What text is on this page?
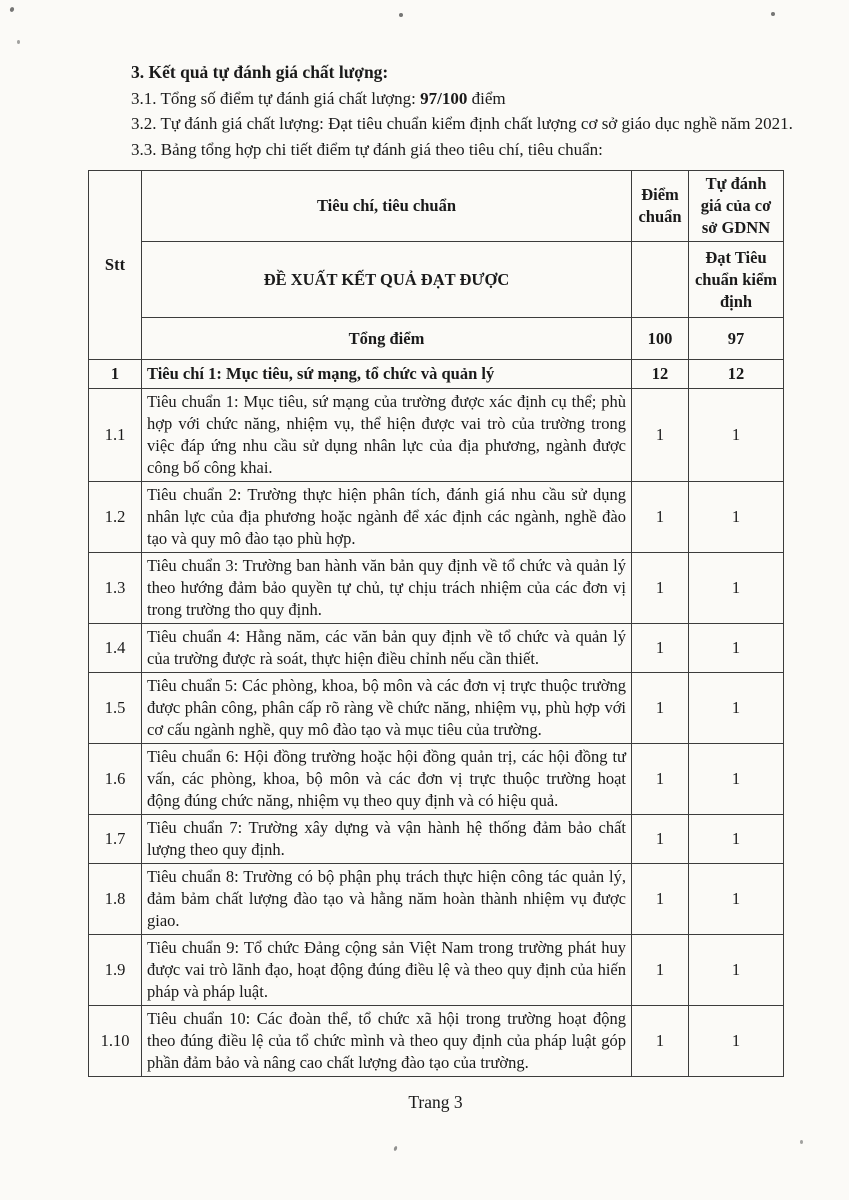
3. Kết quả tự đánh giá chất lượng:

3.1. Tổng số điểm tự đánh giá chất lượng: 97/100 điểm

3.2. Tự đánh giá chất lượng: Đạt tiêu chuẩn kiểm định chất lượng cơ sở giáo dục nghề năm 2021.

3.3. Bảng tổng hợp chi tiết điểm tự đánh giá theo tiêu chí, tiêu chuẩn:

Stt	Tiêu chí, tiêu chuẩn	Điểm chuẩn	Tự đánh giá của cơ sở GDNN
	ĐỀ XUẤT KẾT QUẢ ĐẠT ĐƯỢC		Đạt Tiêu chuẩn kiểm định
	Tổng điểm	100	97
1	Tiêu chí 1: Mục tiêu, sứ mạng, tổ chức và quản lý	12	12
1.1	Tiêu chuẩn 1: Mục tiêu, sứ mạng của trường được xác định cụ thể; phù hợp với chức năng, nhiệm vụ, thể hiện được vai trò của trường trong việc đáp ứng nhu cầu sử dụng nhân lực của địa phương, ngành được công bố công khai.	1	1
1.2	Tiêu chuẩn 2: Trường thực hiện phân tích, đánh giá nhu cầu sử dụng nhân lực của địa phương hoặc ngành để xác định các ngành, nghề đào tạo và quy mô đào tạo phù hợp.	1	1
1.3	Tiêu chuẩn 3: Trường ban hành văn bản quy định về tổ chức và quản lý theo hướng đảm bảo quyền tự chủ, tự chịu trách nhiệm của các đơn vị trong trường tho quy định.	1	1
1.4	Tiêu chuẩn 4: Hằng năm, các văn bản quy định về tổ chức và quản lý của trường được rà soát, thực hiện điều chỉnh nếu cần thiết.	1	1
1.5	Tiêu chuẩn 5: Các phòng, khoa, bộ môn và các đơn vị trực thuộc trường được phân công, phân cấp rõ ràng về chức năng, nhiệm vụ, phù hợp với cơ cấu ngành nghề, quy mô đào tạo và mục tiêu của trường.	1	1
1.6	Tiêu chuẩn 6: Hội đồng trường hoặc hội đồng quản trị, các hội đồng tư vấn, các phòng, khoa, bộ môn và các đơn vị trực thuộc trường hoạt động đúng chức năng, nhiệm vụ theo quy định và có hiệu quả.	1	1
1.7	Tiêu chuẩn 7: Trường xây dựng và vận hành hệ thống đảm bảo chất lượng theo quy định.	1	1
1.8	Tiêu chuẩn 8: Trường có bộ phận phụ trách thực hiện công tác quản lý, đảm bảm chất lượng đào tạo và hằng năm hoàn thành nhiệm vụ được giao.	1	1
1.9	Tiêu chuẩn 9: Tổ chức Đảng cộng sản Việt Nam trong trường phát huy được vai trò lãnh đạo, hoạt động đúng điều lệ và theo quy định của hiến pháp và pháp luật.	1	1
1.10	Tiêu chuẩn 10: Các đoàn thể, tổ chức xã hội trong trường hoạt động theo đúng điều lệ của tổ chức mình và theo quy định của pháp luật góp phần đảm bảo và nâng cao chất lượng đào tạo của trường.	1	1
Trang 3
